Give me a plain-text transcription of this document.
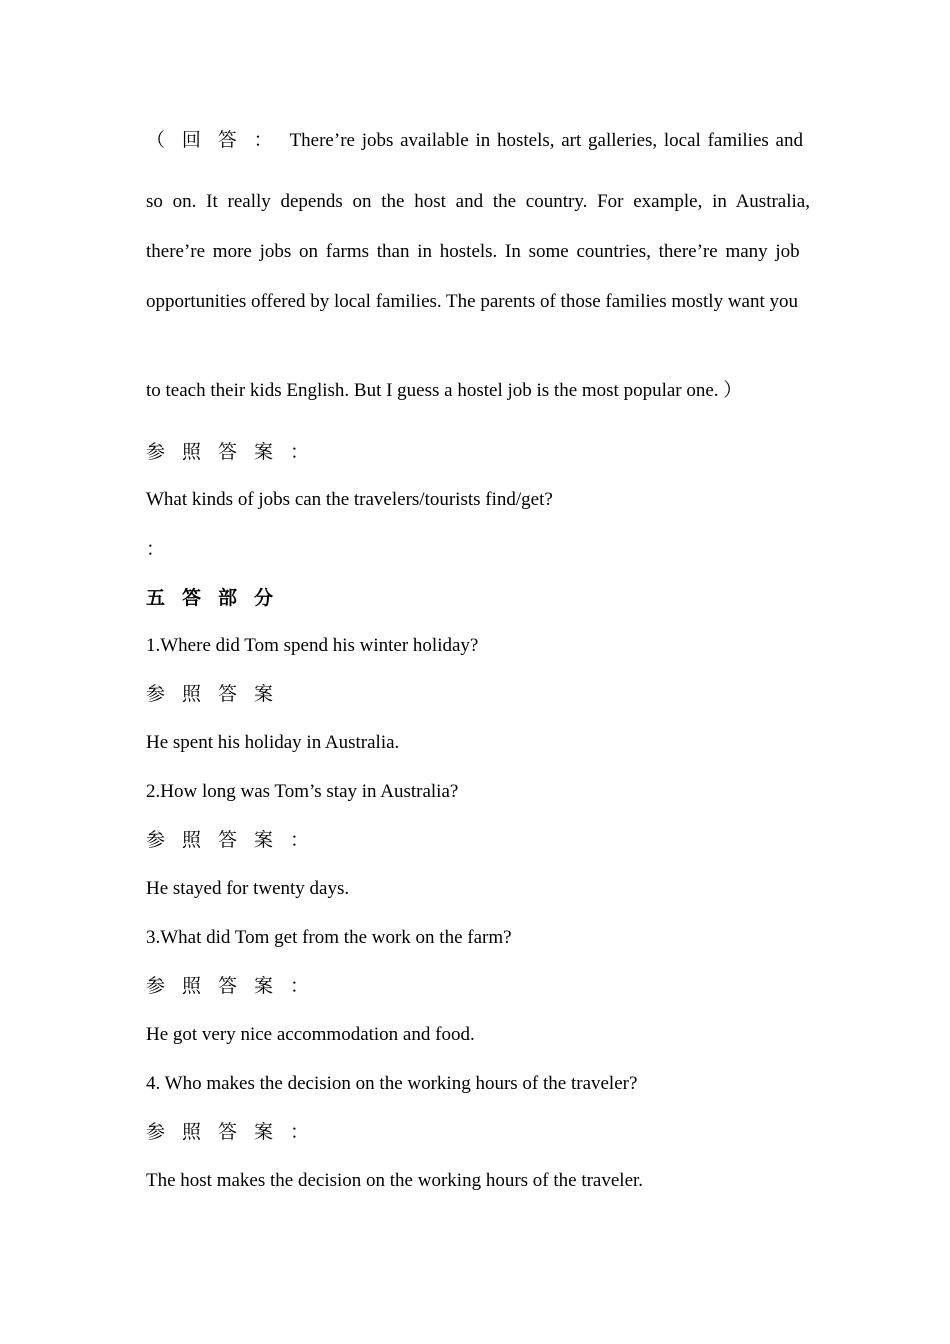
（ 回 答 ： There’re jobs available in hostels, art galleries, local families and
so on. It really depends on the host and the country. For example, in Australia,
there’re more jobs on farms than in hostels. In some countries, there’re many job
opportunities offered by local families. The parents of those families mostly want you
to teach their kids English. But I guess a hostel job is the most popular one. ）
参照答案：
What kinds of jobs can the travelers/tourists find/get?
：
五答部分
1.Where did Tom spend his winter holiday?
参照答案
He spent his holiday in Australia.
2.How long was Tom’s stay in Australia?
参照答案：
He stayed for twenty days.
3.What did Tom get from the work on the farm?
参照答案：
He got very nice accommodation and food.
4. Who makes the decision on the working hours of the traveler?
参照答案：
The host makes the decision on the working hours of the traveler.
